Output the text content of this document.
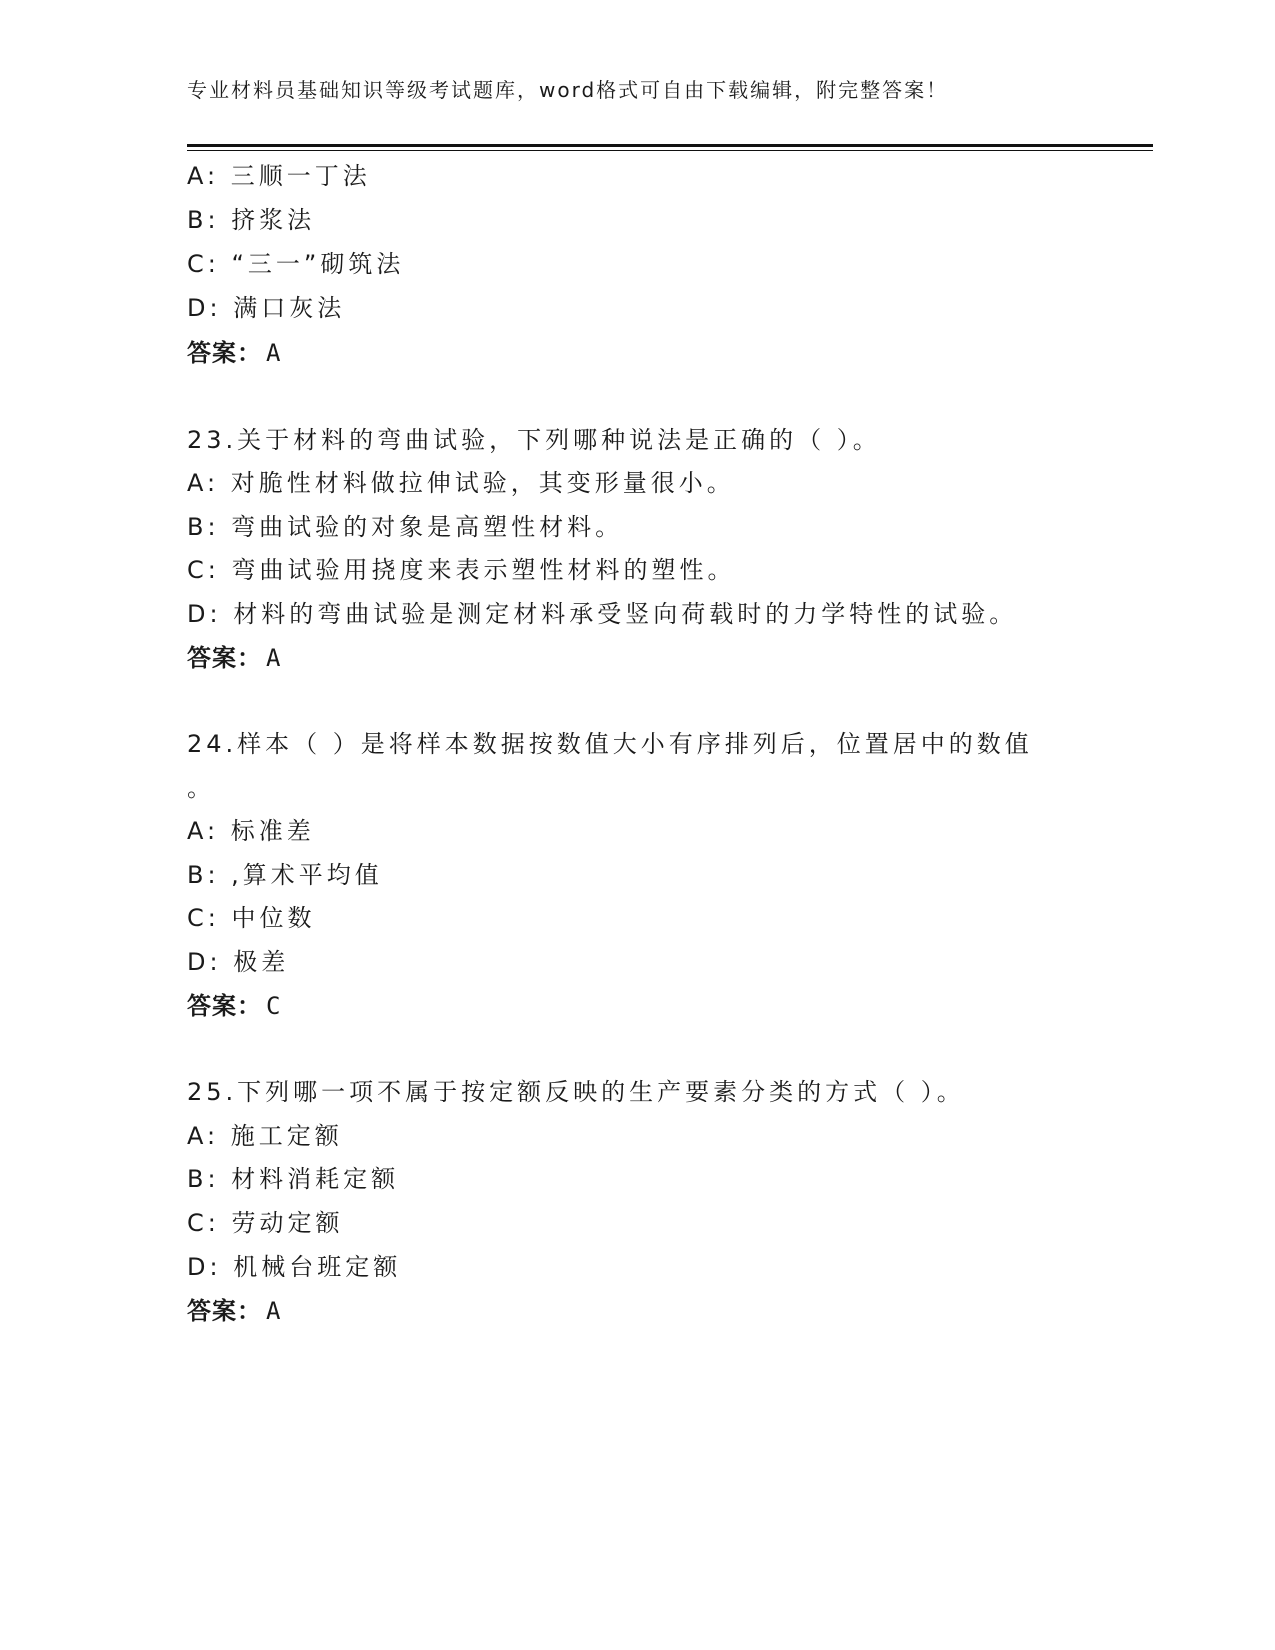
专业材料员基础知识等级考试题库，word格式可自由下载编辑，附完整答案！
A: 三顺一丁法
B: 挤浆法
C: “三一”砌筑法
D: 满口灰法
答案： A
23.关于材料的弯曲试验，下列哪种说法是正确的（ ）。
A: 对脆性材料做拉伸试验，其变形量很小。
B: 弯曲试验的对象是高塑性材料。
C: 弯曲试验用挠度来表示塑性材料的塑性。
D: 材料的弯曲试验是测定材料承受竖向荷载时的力学特性的试验。
答案： A
24.样本（ ）是将样本数据按数值大小有序排列后，位置居中的数值
。
A: 标准差
B: ,算术平均值
C: 中位数
D: 极差
答案： C
25.下列哪一项不属于按定额反映的生产要素分类的方式（ ）。
A: 施工定额
B: 材料消耗定额
C: 劳动定额
D: 机械台班定额
答案： A
